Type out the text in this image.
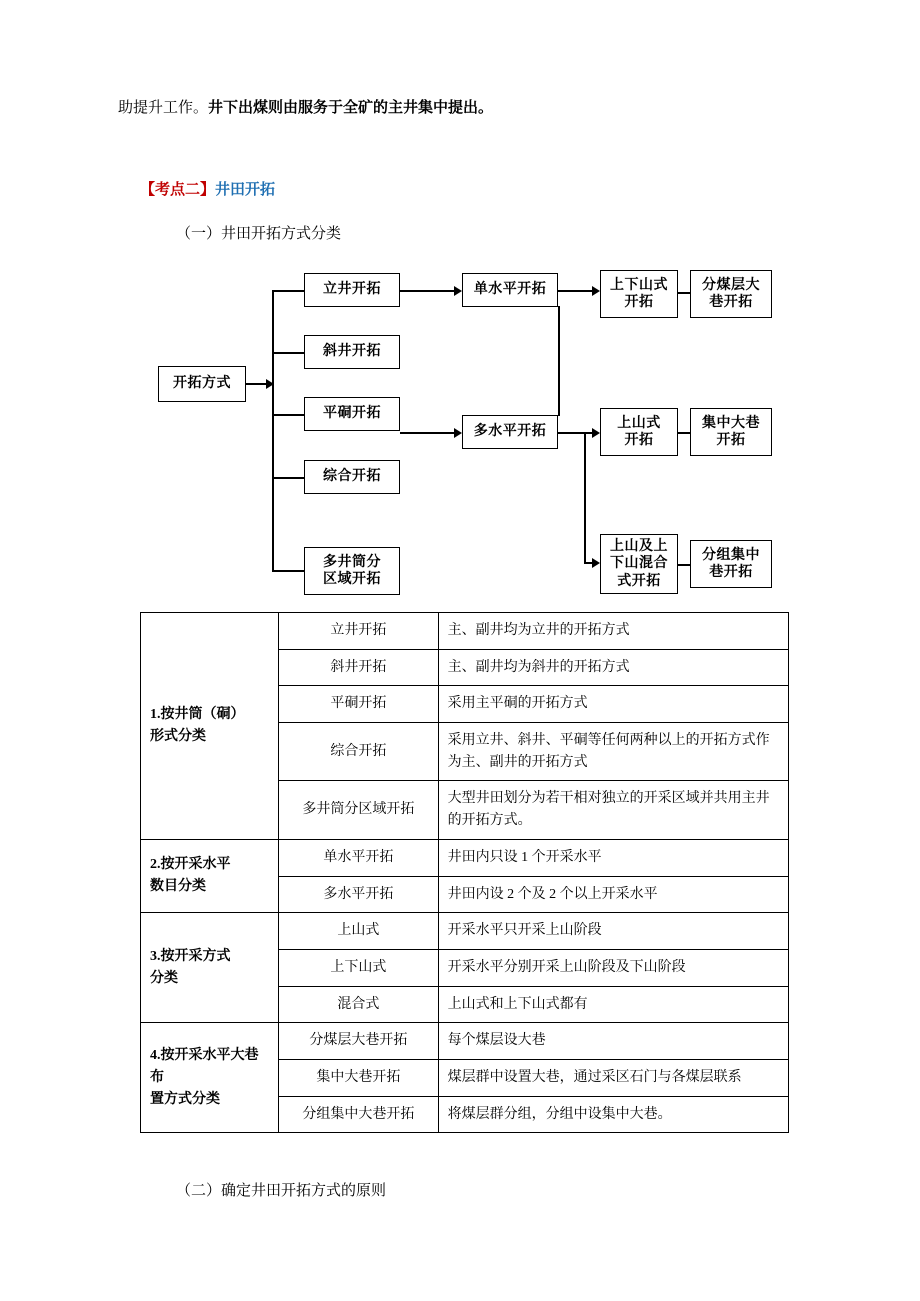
助提升工作。井下出煤则由服务于全矿的主井集中提出。
【考点二】井田开拓
（一）井田开拓方式分类
开拓方式
立井开拓
斜井开拓
平硐开拓
综合开拓
多井筒分
区域开拓
单水平开拓
多水平开拓
上下山式
开拓
上山式
开拓
上山及上
下山混合
式开拓
分煤层大
巷开拓
集中大巷
开拓
分组集中
巷开拓
1.按井筒（硐）
形式分类	立井开拓	主、副井均为立井的开拓方式
	斜井开拓	主、副井均为斜井的开拓方式
	平硐开拓	采用主平硐的开拓方式
	综合开拓	采用立井、斜井、平硐等任何两种以上的开拓方式作为主、副井的开拓方式
	多井筒分区域开拓	大型井田划分为若干相对独立的开采区域并共用主井的开拓方式。

2.按开采水平
数目分类	单水平开拓	井田内只设 1 个开采水平
	多水平开拓	井田内设 2 个及 2 个以上开采水平

3.按开采方式
分类	上山式	开采水平只开采上山阶段
	上下山式	开采水平分别开采上山阶段及下山阶段
	混合式	上山式和上下山式都有

4.按开采水平大巷布
置方式分类	分煤层大巷开拓	每个煤层设大巷
	集中大巷开拓	煤层群中设置大巷，通过采区石门与各煤层联系
	分组集中大巷开拓	将煤层群分组，分组中设集中大巷。
（二）确定井田开拓方式的原则
